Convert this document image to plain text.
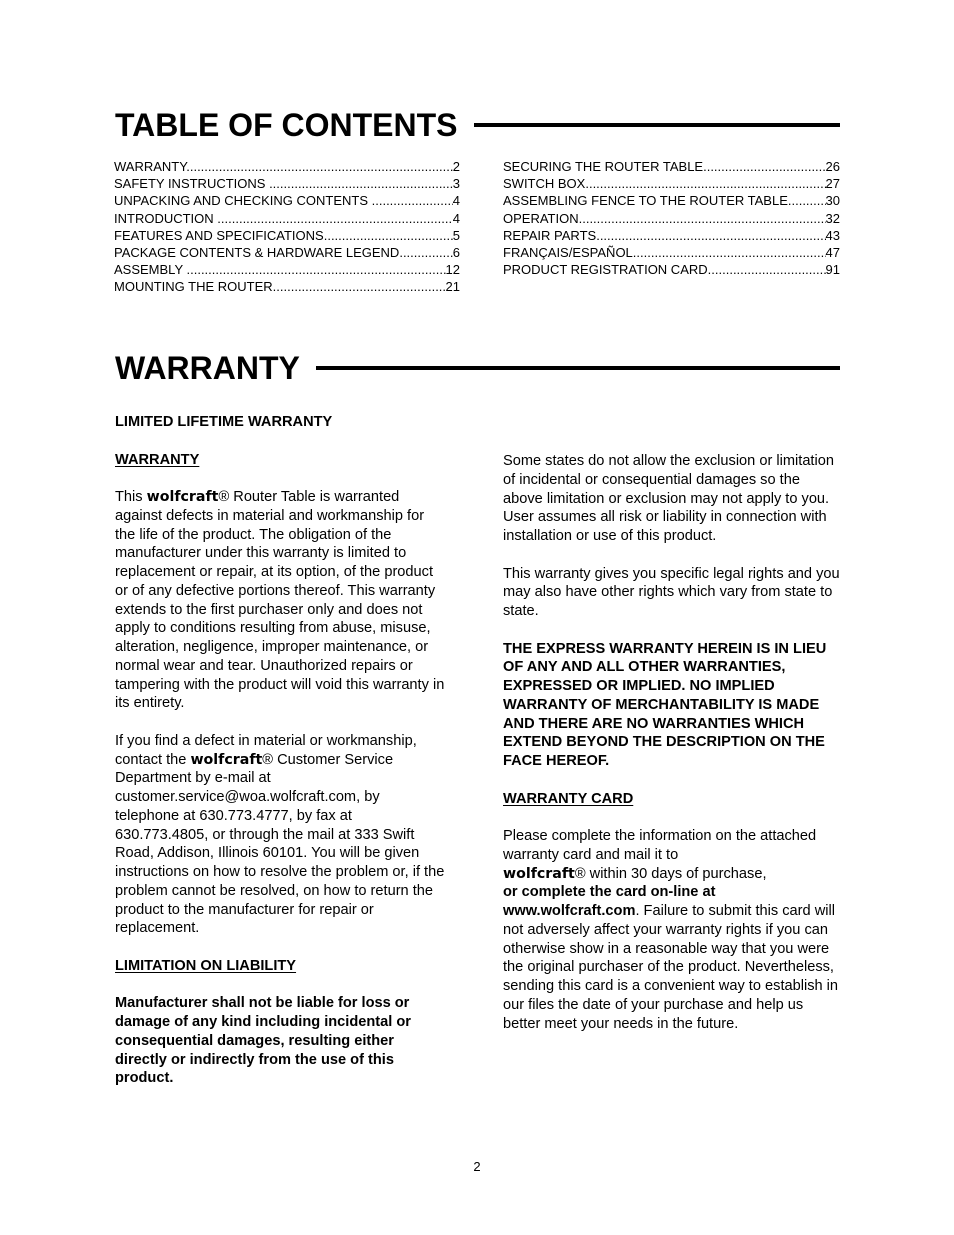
TABLE OF CONTENTS
WARRANTY .....	2
SAFETY INSTRUCTIONS .....	3
UNPACKING AND CHECKING CONTENTS .....	4
INTRODUCTION .....	4
FEATURES AND SPECIFICATIONS .....	5
PACKAGE CONTENTS & HARDWARE LEGEND .....	6
ASSEMBLY .....	12
MOUNTING THE ROUTER .....	21
SECURING THE ROUTER TABLE .....	26
SWITCH BOX .....	27
ASSEMBLING FENCE TO THE ROUTER TABLE .....	30
OPERATION .....	32
REPAIR PARTS .....	43
FRANÇAIS/ESPAÑOL .....	47
PRODUCT REGISTRATION CARD .....	91
WARRANTY

LIMITED LIFETIME WARRANTY

WARRANTY

This wolfcraft® Router Table is warranted against defects in material and workmanship for the life of the product. The obligation of the manufacturer under this warranty is limited to replacement or repair, at its option, of the product or of any defective portions thereof. This warranty extends to the first purchaser only and does not apply to conditions resulting from abuse, misuse, alteration, negligence, improper maintenance, or normal wear and tear. Unauthorized repairs or tampering with the product will void this warranty in its entirety.

If you find a defect in material or workmanship, contact the wolfcraft® Customer Service Department by e-mail at customer.service@woa.wolfcraft.com, by telephone at 630.773.4777, by fax at 630.773.4805, or through the mail at 333 Swift Road, Addison, Illinois 60101. You will be given instructions on how to resolve the problem or, if the problem cannot be resolved, on how to return the product to the manufacturer for repair or replacement.

LIMITATION ON LIABILITY

Manufacturer shall not be liable for loss or damage of any kind including incidental or consequential damages, resulting either directly or indirectly from the use of this product.

Some states do not allow the exclusion or limitation of incidental or consequential damages so the above limitation or exclusion may not apply to you. User assumes all risk or liability in connection with installation or use of this product.

This warranty gives you specific legal rights and you may also have other rights which vary from state to state.

THE EXPRESS WARRANTY HEREIN IS IN LIEU OF ANY AND ALL OTHER WARRANTIES, EXPRESSED OR IMPLIED. NO IMPLIED WARRANTY OF MERCHANTABILITY IS MADE AND THERE ARE NO WARRANTIES WHICH EXTEND BEYOND THE DESCRIPTION ON THE FACE HEREOF.

WARRANTY CARD

Please complete the information on the attached warranty card and mail it to
wolfcraft® within 30 days of purchase,
or complete the card on-line at www.wolfcraft.com. Failure to submit this card will not adversely affect your warranty rights if you can otherwise show in a reasonable way that you were the original purchaser of the product. Nevertheless, sending this card is a convenient way to establish in our files the date of your purchase and help us better meet your needs in the future.

2
